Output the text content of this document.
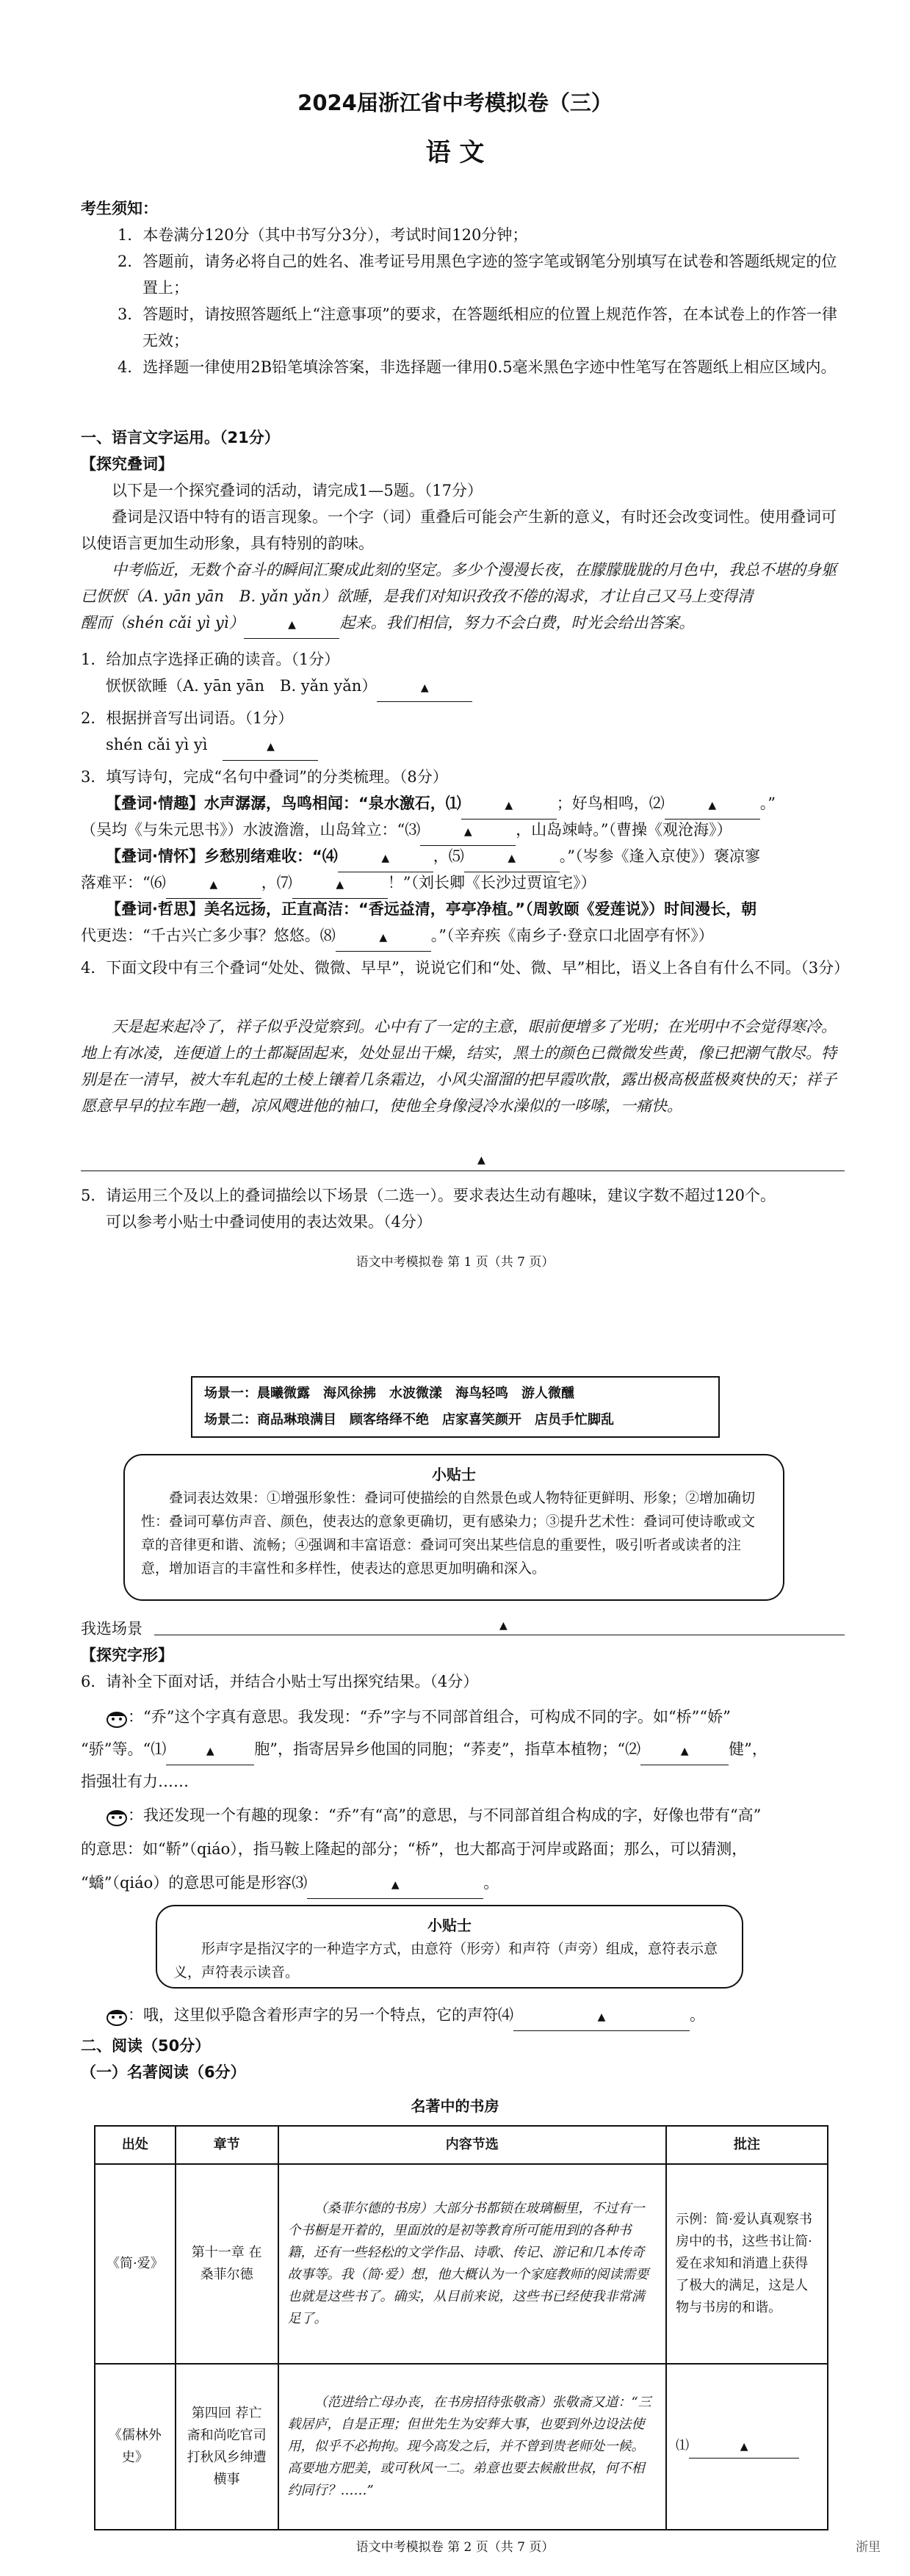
2024届浙江省中考模拟卷（三）
语 文
考生须知：
1．本卷满分120分（其中书写分3分），考试时间120分钟；
2．答题前，请务必将自己的姓名、准考证号用黑色字迹的签字笔或钢笔分别填写在试卷和答题纸规定的位置上；
3．答题时，请按照答题纸上“注意事项”的要求，在答题纸相应的位置上规范作答，在本试卷上的作答一律无效；
4．选择题一律使用2B铅笔填涂答案，非选择题一律用0.5毫米黑色字迹中性笔写在答题纸上相应区域内。
一、语言文字运用。（21分）
【探究叠词】
以下是一个探究叠词的活动，请完成1—5题。（17分）
叠词是汉语中特有的语言现象。一个字（词）重叠后可能会产生新的意义，有时还会改变词性。使用叠词可以使语言更加生动形象，具有特别的韵味。
中考临近，无数个奋斗的瞬间汇聚成此刻的坚定。多少个漫漫长夜，在朦朦胧胧的月色中，我总不堪的身躯已恹恹（A. yān yān　B. yǎn yǎn）欲睡，是我们对知识孜孜不倦的渴求，才让自己又马上变得清
醒而（shén cǎi yì yì）	▲	起来。我们相信，努力不会白费，时光会给出答案。
1．给加点字选择正确的读音。（1分）
恹恹欲睡（A. yān yān　B. yǎn yǎn）	▲
2．根据拼音写出词语。（1分）
shén cǎi yì yì　	▲
3．填写诗句，完成“名句中叠词”的分类梳理。（8分）
【叠词·情趣】水声潺潺，鸟鸣相闻：“泉水激石，⑴	▲	；好鸟相鸣，⑵	▲	。”
（吴均《与朱元思书》）水波澹澹，山岛耸立：“⑶	▲	，山岛竦峙。”（曹操《观沧海》）
【叠词·情怀】乡愁别绪难收：“⑷	▲	，⑸	▲	。”（岑参《逢入京使》）褒凉寥
落难平：“⑹	▲	，⑺	▲	！”（刘长卿《长沙过贾谊宅》）
【叠词·哲思】美名远扬，正直高洁：“香远益清，亭亭净植。”（周敦颐《爱莲说》）时间漫长，朝
代更迭：“千古兴亡多少事？悠悠。⑻	▲	。”（辛弃疾《南乡子·登京口北固亭有怀》）
4．下面文段中有三个叠词“处处、微微、早早”，说说它们和“处、微、早”相比，语义上各自有什么不同。（3分）
天是起来起冷了，祥子似乎没觉察到。心中有了一定的主意，眼前便增多了光明；在光明中不会觉得寒冷。地上有冰凌，连便道上的土都凝固起来，处处显出干燥，结实，黑土的颜色已微微发些黄，像已把潮气散尽。特别是在一清早，被大车轧起的土棱上镶着几条霜边，小风尖溜溜的把早霞吹散，露出极高极蓝极爽快的天；祥子愿意早早的拉车跑一趟，凉风飕进他的袖口，使他全身像浸冷水澡似的一哆嗦，一痛快。
▲
5．请运用三个及以上的叠词描绘以下场景（二选一）。要求表达生动有趣味，建议字数不超过120个。
可以参考小贴士中叠词使用的表达效果。（4分）
语文中考模拟卷 第 1 页（共 7 页）
场景一：晨曦微露　海风徐拂　水波微漾　海鸟轻鸣　游人微醺
场景二：商品琳琅满目　顾客络绎不绝　店家喜笑颜开　店员手忙脚乱
小贴士
叠词表达效果：①增强形象性：叠词可使描绘的自然景色或人物特征更鲜明、形象；②增加确切性：叠词可摹仿声音、颜色，使表达的意象更确切，更有感染力；③提升艺术性：叠词可使诗歌或文章的音律更和谐、流畅；④强调和丰富语意：叠词可突出某些信息的重要性，吸引听者或读者的注意，增加语言的丰富性和多样性，使表达的意思更加明确和深入。
我选场景	▲
【探究字形】
6．请补全下面对话，并结合小贴士写出探究结果。（4分）
：“乔”这个字真有意思。我发现：“乔”字与不同部首组合，可构成不同的字。如“桥”“娇”
“骄”等。“⑴	▲	胞”，指寄居异乡他国的同胞；“荞麦”，指草本植物；“⑵	▲	健”，
指强壮有力……
：我还发现一个有趣的现象：“乔”有“高”的意思，与不同部首组合构成的字，好像也带有“高”
的意思：如“鞒”（qiáo），指马鞍上隆起的部分；“桥”，也大都高于河岸或路面；那么，可以猜测，
“蟜”（qiáo）的意思可能是形容⑶	▲	。
小贴士
形声字是指汉字的一种造字方式，由意符（形旁）和声符（声旁）组成，意符表示意义，声符表示读音。
：哦，这里似乎隐含着形声字的另一个特点，它的声符⑷	▲	。
二、阅读（50分）
（一）名著阅读（6分）
名著中的书房
出处	章节	内容节选	批注
《简·爱》	第十一章 在桑菲尔德	（桑菲尔德的书房）大部分书都锁在玻璃橱里，不过有一个书橱是开着的，里面放的是初等教育所可能用到的各种书籍，还有一些轻松的文学作品、诗歌、传记、游记和几本传奇故事等。我（简·爱）想，他大概认为一个家庭教师的阅读需要也就是这些书了。确实，从目前来说，这些书已经使我非常满足了。	示例：简·爱认真观察书房中的书，这些书让简·爱在求知和消遣上获得了极大的满足，这是人物与书房的和谐。
《儒林外史》	第四回 荐亡斋和尚吃官司 打秋风乡绅遭横事	（范进给亡母办丧，在书房招待张敬斋）张敬斋又道：“三载居庐，自是正理；但世先生为安葬大事，也要到外边设法使用，似乎不必拘拘。现今高发之后，并不曾到贵老师处一候。高要地方肥美，或可秋风一二。弟意也要去候敝世叔，何不相约同行？……”	⑴ ▲
语文中考模拟卷 第 2 页（共 7 页）	浙里
